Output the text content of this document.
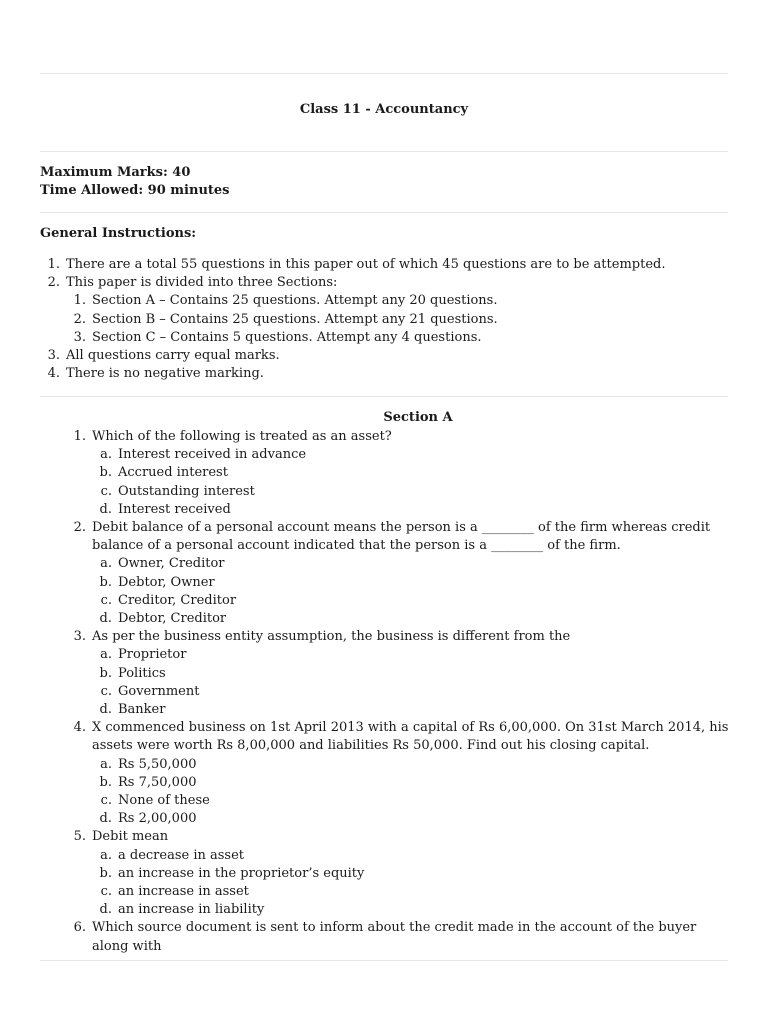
Class 11 - Accountancy
Maximum Marks: 40
Time Allowed: 90 minutes
General Instructions:
1. There are a total 55 questions in this paper out of which 45 questions are to be attempted.
2. This paper is divided into three Sections:
1. Section A – Contains 25 questions. Attempt any 20 questions.
2. Section B – Contains 25 questions. Attempt any 21 questions.
3. Section C – Contains 5 questions. Attempt any 4 questions.
3. All questions carry equal marks.
4. There is no negative marking.
Section A
1. Which of the following is treated as an asset?
a. Interest received in advance
b. Accrued interest
c. Outstanding interest
d. Interest received
2. Debit balance of a personal account means the person is a ________ of the firm whereas credit balance of a personal account indicated that the person is a ________ of the firm.
a. Owner, Creditor
b. Debtor, Owner
c. Creditor, Creditor
d. Debtor, Creditor
3. As per the business entity assumption, the business is different from the
a. Proprietor
b. Politics
c. Government
d. Banker
4. X commenced business on 1st April 2013 with a capital of Rs 6,00,000. On 31st March 2014, his assets were worth Rs 8,00,000 and liabilities Rs 50,000. Find out his closing capital.
a. Rs 5,50,000
b. Rs 7,50,000
c. None of these
d. Rs 2,00,000
5. Debit mean
a. a decrease in asset
b. an increase in the proprietor’s equity
c. an increase in asset
d. an increase in liability
6. Which source document is sent to inform about the credit made in the account of the buyer along with
